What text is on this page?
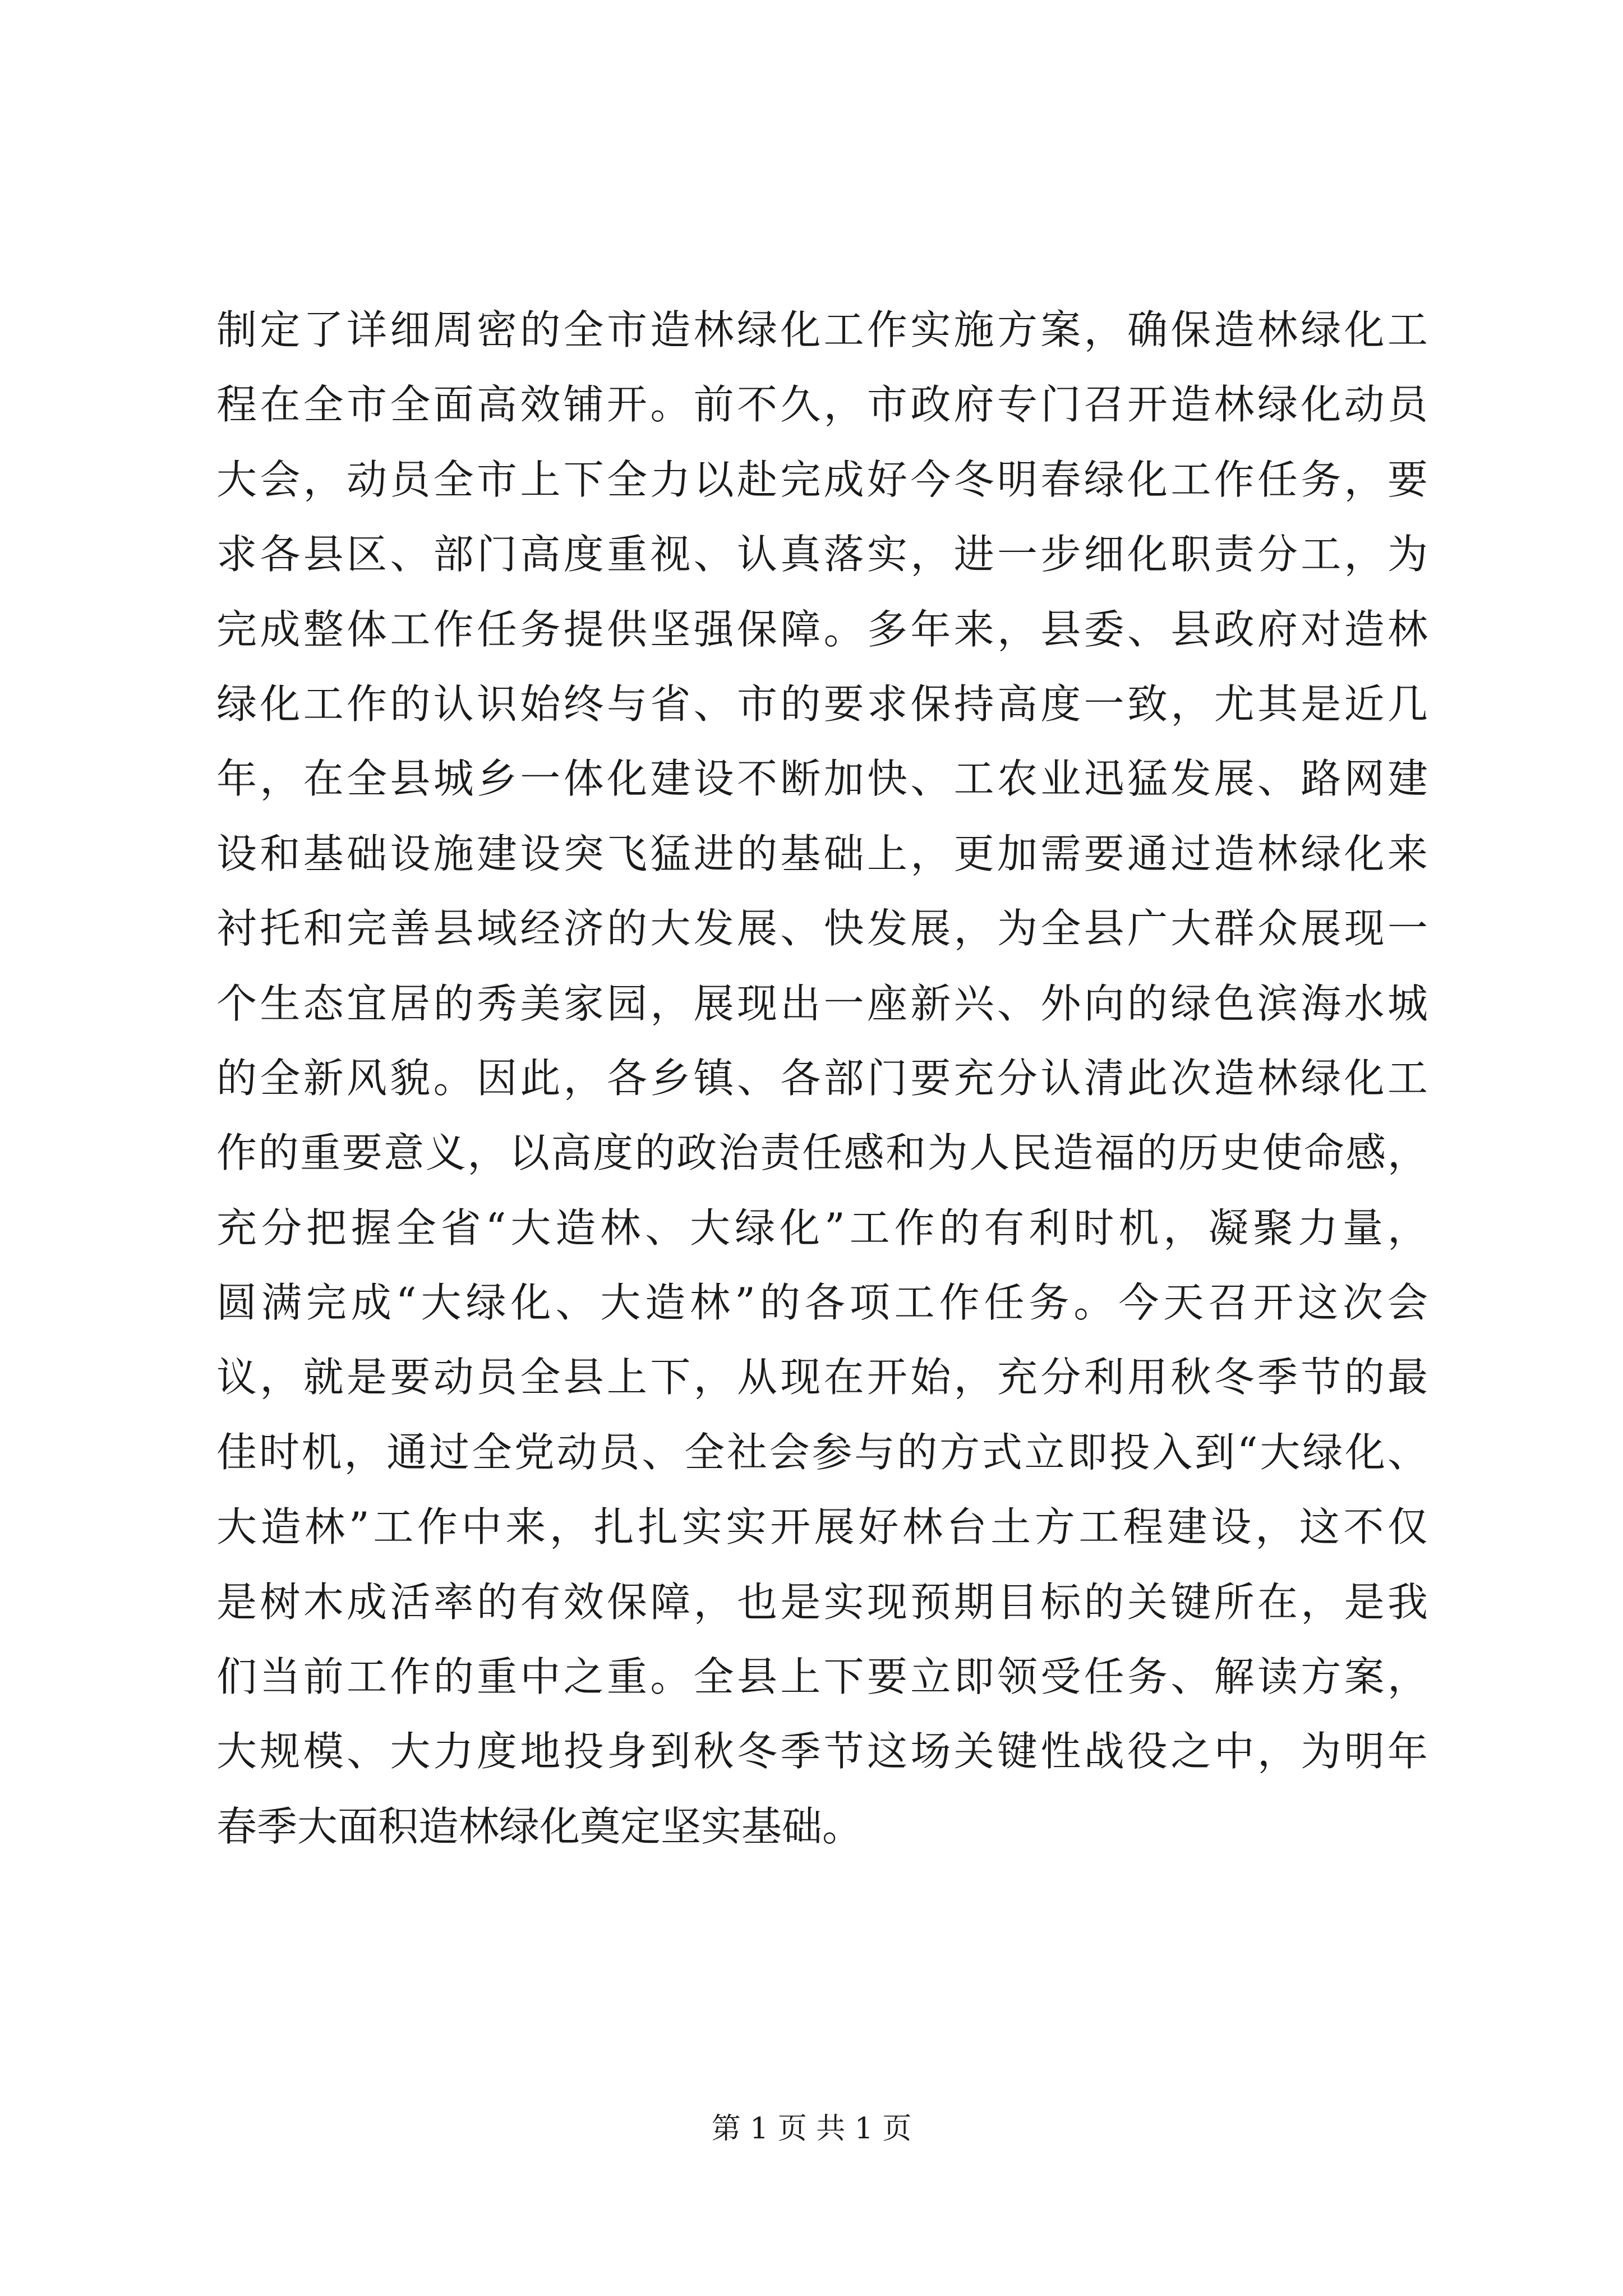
制定了详细周密的全市造林绿化工作实施方案，确保造林绿化工
程在全市全面高效铺开。前不久，市政府专门召开造林绿化动员
大会，动员全市上下全力以赴完成好今冬明春绿化工作任务，要
求各县区、部门高度重视、认真落实，进一步细化职责分工，为
完成整体工作任务提供坚强保障。多年来，县委、县政府对造林
绿化工作的认识始终与省、市的要求保持高度一致，尤其是近几
年，在全县城乡一体化建设不断加快、工农业迅猛发展、路网建
设和基础设施建设突飞猛进的基础上，更加需要通过造林绿化来
衬托和完善县域经济的大发展、快发展，为全县广大群众展现一
个生态宜居的秀美家园，展现出一座新兴、外向的绿色滨海水城
的全新风貌。因此，各乡镇、各部门要充分认清此次造林绿化工
作的重要意义，以高度的政治责任感和为人民造福的历史使命感，
充分把握全省“大造林、大绿化”工作的有利时机，凝聚力量，
圆满完成“大绿化、大造林”的各项工作任务。今天召开这次会
议，就是要动员全县上下，从现在开始，充分利用秋冬季节的最
佳时机，通过全党动员、全社会参与的方式立即投入到“大绿化、
大造林”工作中来，扎扎实实开展好林台土方工程建设，这不仅
是树木成活率的有效保障，也是实现预期目标的关键所在，是我
们当前工作的重中之重。全县上下要立即领受任务、解读方案，
大规模、大力度地投身到秋冬季节这场关键性战役之中，为明年
春季大面积造林绿化奠定坚实基础。
第 1 页 共 1 页
